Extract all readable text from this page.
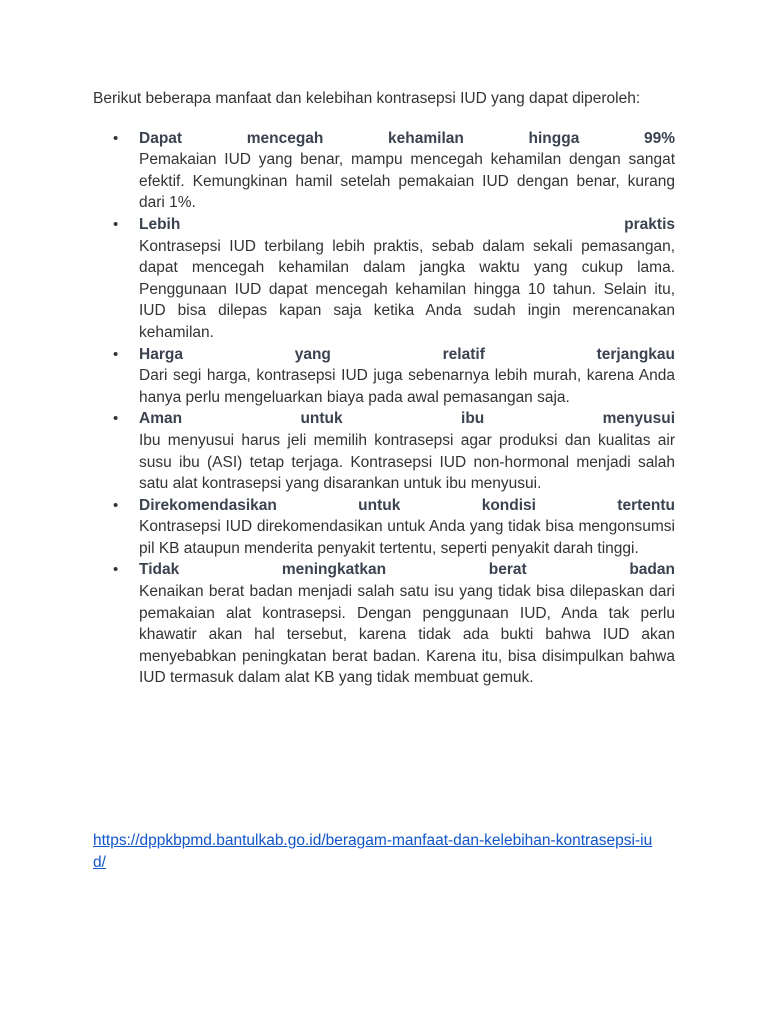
Berikut beberapa manfaat dan kelebihan kontrasepsi IUD yang dapat diperoleh:

• Dapat mencegah kehamilan hingga 99%
Pemakaian IUD yang benar, mampu mencegah kehamilan dengan sangat efektif. Kemungkinan hamil setelah pemakaian IUD dengan benar, kurang dari 1%.
• Lebih praktis
Kontrasepsi IUD terbilang lebih praktis, sebab dalam sekali pemasangan, dapat mencegah kehamilan dalam jangka waktu yang cukup lama. Penggunaan IUD dapat mencegah kehamilan hingga 10 tahun. Selain itu, IUD bisa dilepas kapan saja ketika Anda sudah ingin merencanakan kehamilan.
• Harga yang relatif terjangkau
Dari segi harga, kontrasepsi IUD juga sebenarnya lebih murah, karena Anda hanya perlu mengeluarkan biaya pada awal pemasangan saja.
• Aman untuk ibu menyusui
Ibu menyusui harus jeli memilih kontrasepsi agar produksi dan kualitas air susu ibu (ASI) tetap terjaga. Kontrasepsi IUD non-hormonal menjadi salah satu alat kontrasepsi yang disarankan untuk ibu menyusui.
• Direkomendasikan untuk kondisi tertentu
Kontrasepsi IUD direkomendasikan untuk Anda yang tidak bisa mengonsumsi pil KB ataupun menderita penyakit tertentu, seperti penyakit darah tinggi.
• Tidak meningkatkan berat badan
Kenaikan berat badan menjadi salah satu isu yang tidak bisa dilepaskan dari pemakaian alat kontrasepsi. Dengan penggunaan IUD, Anda tak perlu khawatir akan hal tersebut, karena tidak ada bukti bahwa IUD akan menyebabkan peningkatan berat badan. Karena itu, bisa disimpulkan bahwa IUD termasuk dalam alat KB yang tidak membuat gemuk.
https://dppkbpmd.bantulkab.go.id/beragam-manfaat-dan-kelebihan-kontrasepsi-iud/
